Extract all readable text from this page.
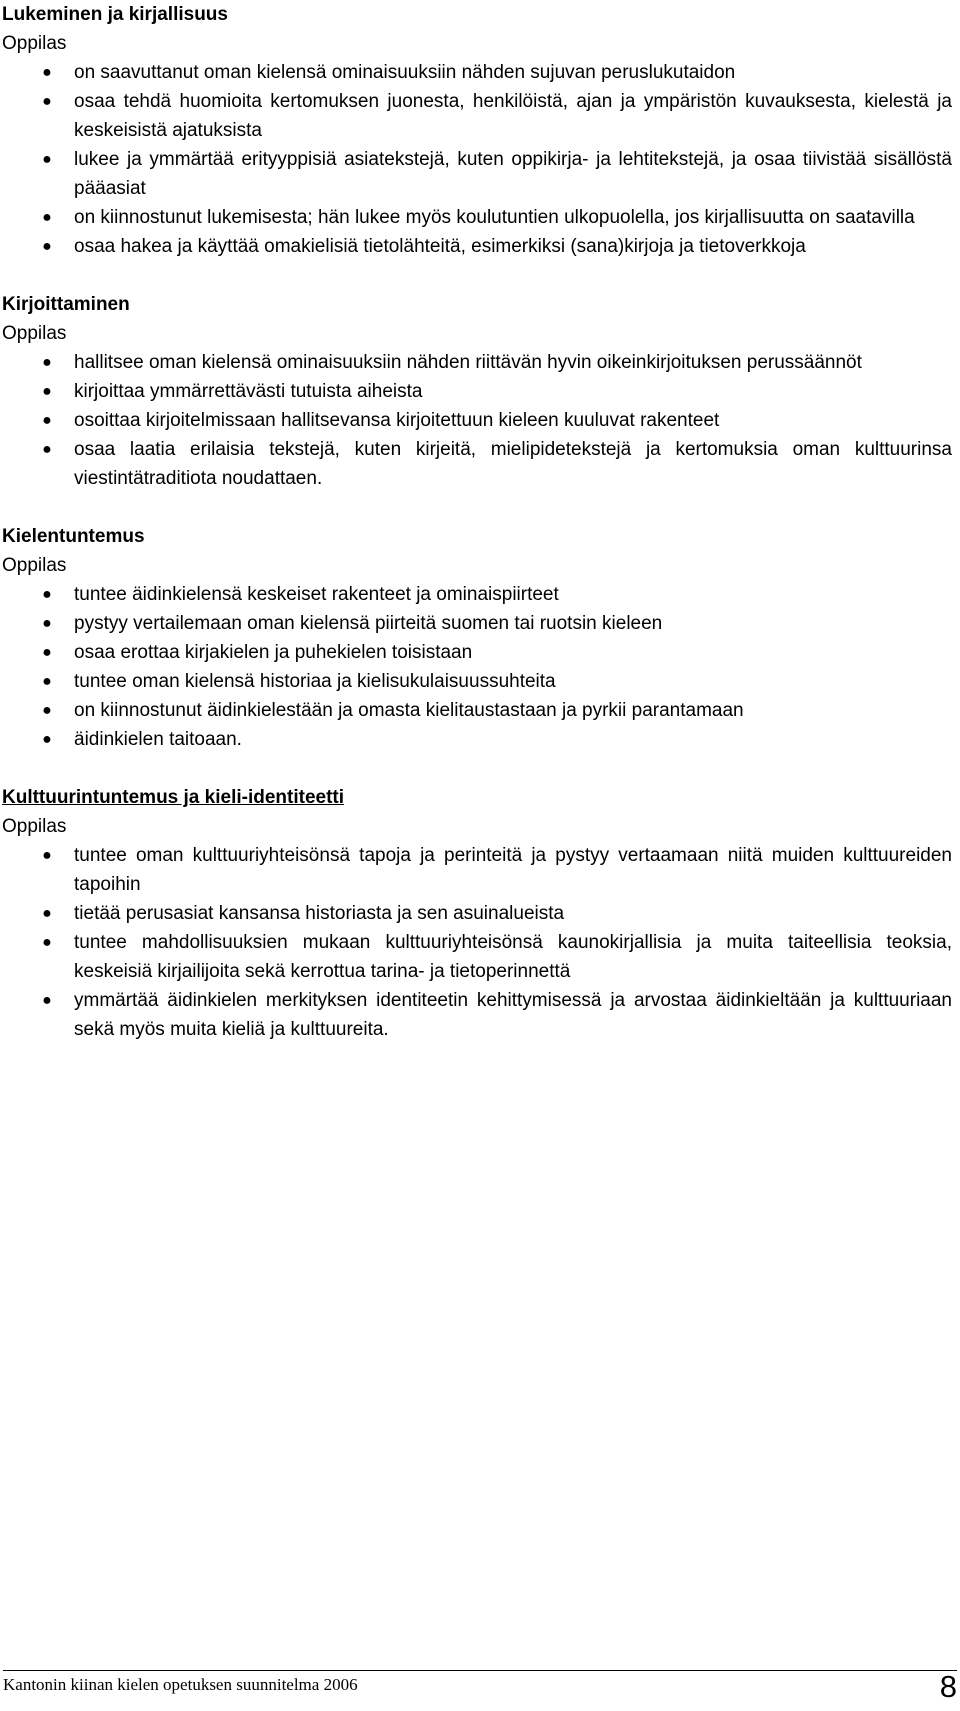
Lukeminen ja kirjallisuus

Oppilas

● on saavuttanut oman kielensä ominaisuuksiin nähden sujuvan peruslukutaidon
● osaa tehdä huomioita kertomuksen juonesta, henkilöistä, ajan ja ympäristön kuvauksesta, kielestä ja keskeisistä ajatuksista
● lukee ja ymmärtää erityyppisiä asiatekstejä, kuten oppikirja- ja lehtitekstejä, ja osaa tiivistää sisällöstä pääasiat
● on kiinnostunut lukemisesta; hän lukee myös koulutuntien ulkopuolella, jos kirjallisuutta on saatavilla
● osaa hakea ja käyttää omakielisiä tietolähteitä, esimerkiksi (sana)kirjoja ja tietoverkkoja
Kirjoittaminen

Oppilas

● hallitsee oman kielensä ominaisuuksiin nähden riittävän hyvin oikeinkirjoituksen perussäännöt
● kirjoittaa ymmärrettävästi tutuista aiheista
● osoittaa kirjoitelmissaan hallitsevansa kirjoitettuun kieleen kuuluvat rakenteet
● osaa laatia erilaisia tekstejä, kuten kirjeitä, mielipidetekstejä ja kertomuksia oman kulttuurinsa viestintätraditiota noudattaen.
Kielentuntemus

Oppilas

● tuntee äidinkielensä keskeiset rakenteet ja ominaispiirteet
● pystyy vertailemaan oman kielensä piirteitä suomen tai ruotsin kieleen
● osaa erottaa kirjakielen ja puhekielen toisistaan
● tuntee oman kielensä historiaa ja kielisukulaisuussuhteita
● on kiinnostunut äidinkielestään ja omasta kielitaustastaan ja pyrkii parantamaan
● äidinkielen taitoaan.
Kulttuurintuntemus ja kieli-identiteetti

Oppilas

● tuntee oman kulttuuriyhteisönsä tapoja ja perinteitä ja pystyy vertaamaan niitä muiden kulttuureiden tapoihin
● tietää perusasiat kansansa historiasta ja sen asuinalueista
● tuntee mahdollisuuksien mukaan kulttuuriyhteisönsä kaunokirjallisia ja muita taiteellisia teoksia, keskeisiä kirjailijoita sekä kerrottua tarina- ja tietoperinnettä
● ymmärtää äidinkielen merkityksen identiteetin kehittymisessä ja arvostaa äidinkieltään ja kulttuuriaan sekä myös muita kieliä ja kulttuureita.
Kantonin kiinan kielen opetuksen suunnitelma 2006	8
